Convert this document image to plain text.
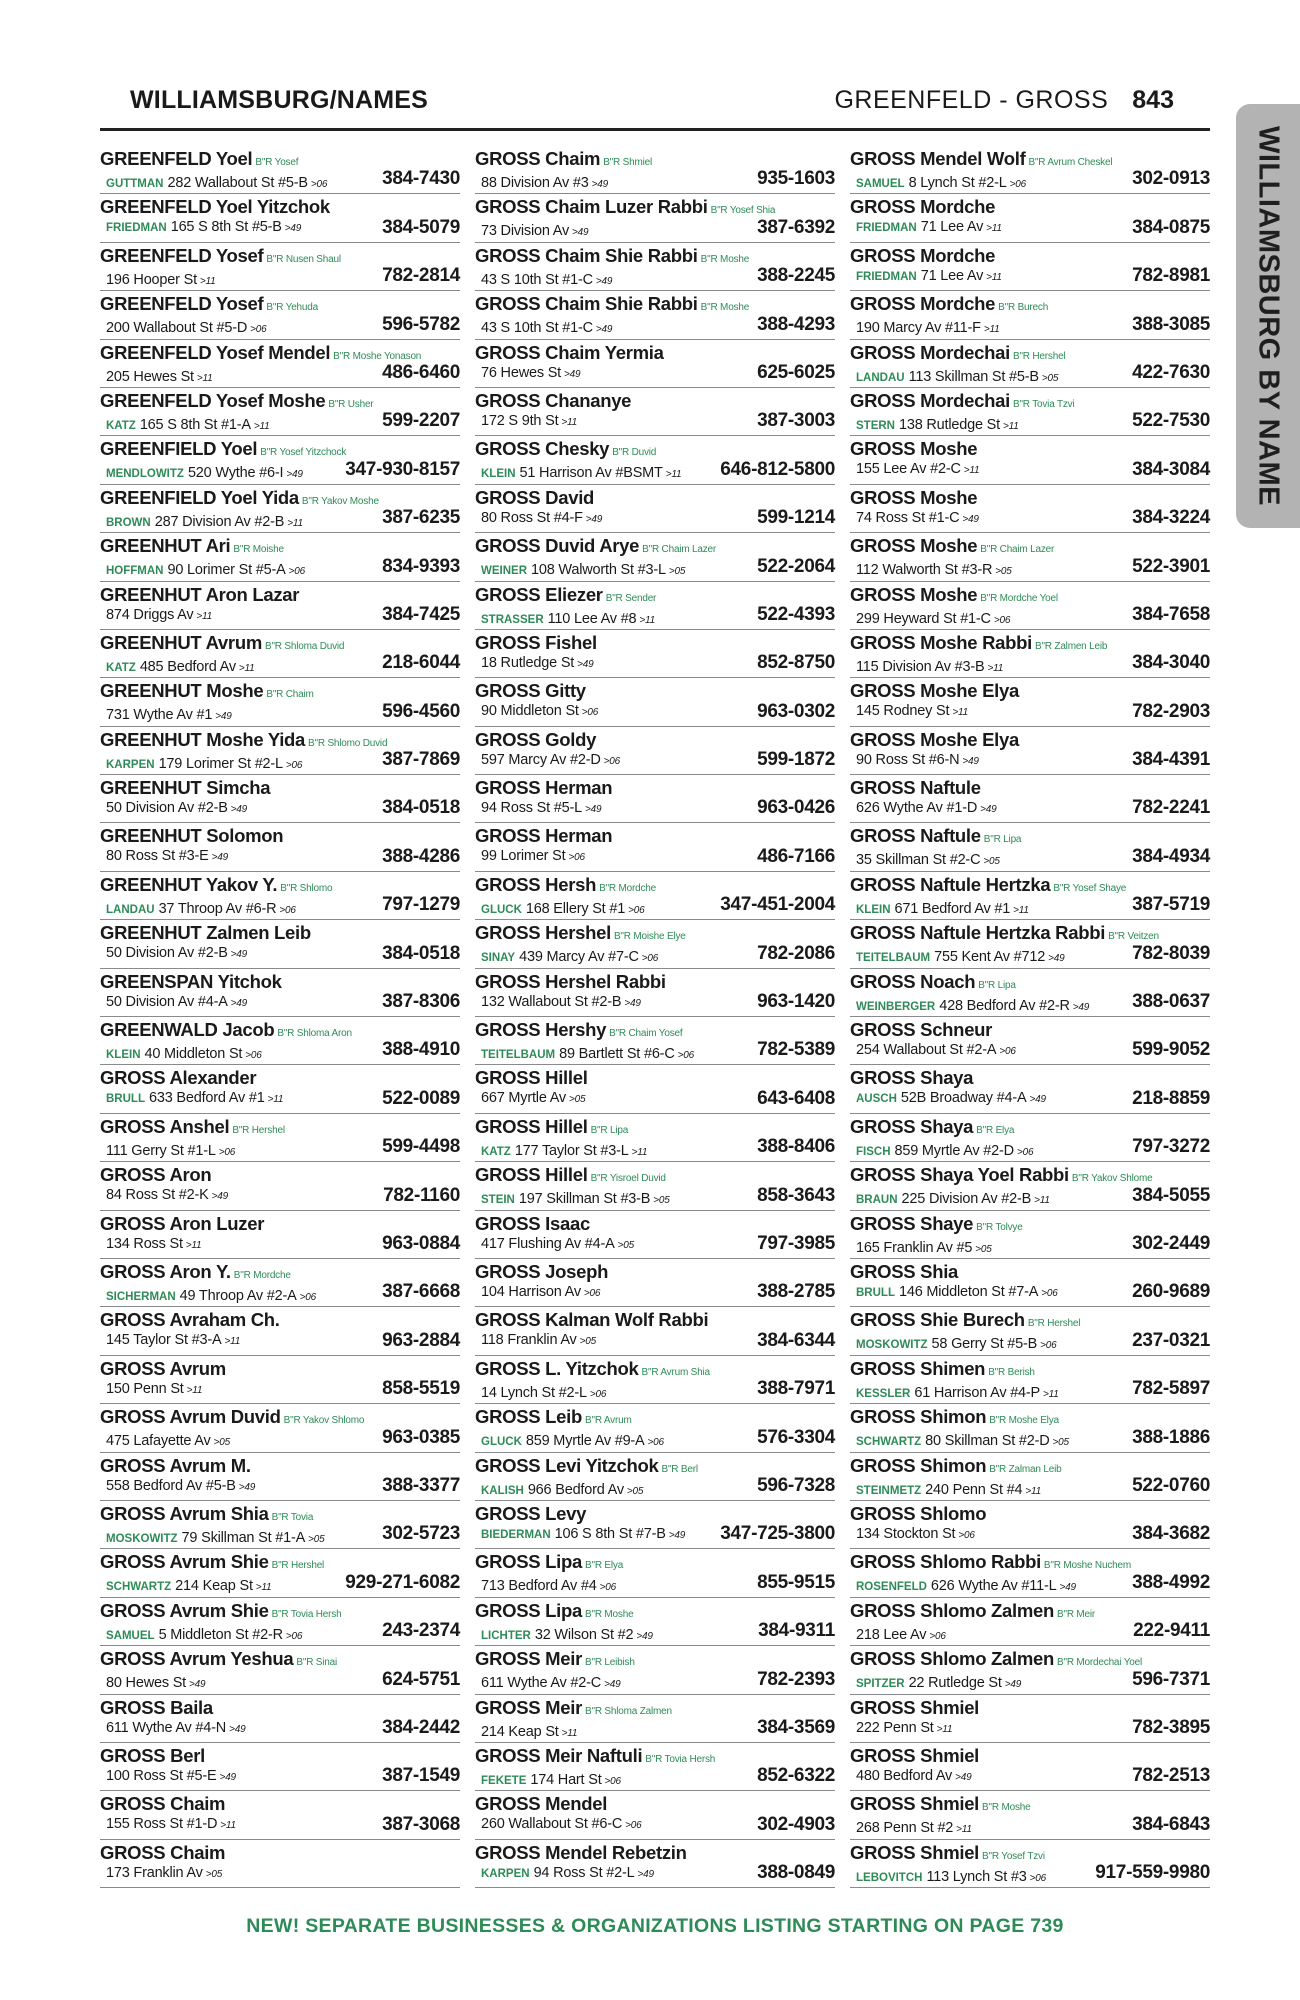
WILLIAMSBURG/NAMES	GREENFELD - GROSS 843
WILLIAMSBURG BY NAME
GREENFELD Yoel B"R Yosef
GUTTMAN 282 Wallabout St #5-B >06	384-7430
GREENFELD Yoel Yitzchok
FRIEDMAN 165 S 8th St #5-B >49	384-5079
GREENFELD Yosef B"R Nusen Shaul
196 Hooper St >11	782-2814
GREENFELD Yosef B"R Yehuda
200 Wallabout St #5-D >06	596-5782
GREENFELD Yosef Mendel B"R Moshe Yonason
205 Hewes St >11	486-6460
GREENFELD Yosef Moshe B"R Usher
KATZ 165 S 8th St #1-A >11	599-2207
GREENFIELD Yoel B"R Yosef Yitzchock
MENDLOWITZ 520 Wythe #6-I >49	347-930-8157
GREENFIELD Yoel Yida B"R Yakov Moshe
BROWN 287 Division Av #2-B >11	387-6235
GREENHUT Ari B"R Moishe
HOFFMAN 90 Lorimer St #5-A >06	834-9393
GREENHUT Aron Lazar
874 Driggs Av >11	384-7425
GREENHUT Avrum B"R Shloma Duvid
KATZ 485 Bedford Av >11	218-6044
GREENHUT Moshe B"R Chaim
731 Wythe Av #1 >49	596-4560
GREENHUT Moshe Yida B"R Shlomo Duvid
KARPEN 179 Lorimer St #2-L >06	387-7869
GREENHUT Simcha
50 Division Av #2-B >49	384-0518
GREENHUT Solomon
80 Ross St #3-E >49	388-4286
GREENHUT Yakov Y. B"R Shlomo
LANDAU 37 Throop Av #6-R >06	797-1279
GREENHUT Zalmen Leib
50 Division Av #2-B >49	384-0518
GREENSPAN Yitchok
50 Division Av #4-A >49	387-8306
GREENWALD Jacob B"R Shloma Aron
KLEIN 40 Middleton St >06	388-4910
GROSS Alexander
BRULL 633 Bedford Av #1 >11	522-0089
GROSS Anshel B"R Hershel
111 Gerry St #1-L >06	599-4498
GROSS Aron
84 Ross St #2-K >49	782-1160
GROSS Aron Luzer
134 Ross St >11	963-0884
GROSS Aron Y. B"R Mordche
SICHERMAN 49 Throop Av #2-A >06	387-6668
GROSS Avraham Ch.
145 Taylor St #3-A >11	963-2884
GROSS Avrum
150 Penn St >11	858-5519
GROSS Avrum Duvid B"R Yakov Shlomo
475 Lafayette Av >05	963-0385
GROSS Avrum M.
558 Bedford Av #5-B >49	388-3377
GROSS Avrum Shia B"R Tovia
MOSKOWITZ 79 Skillman St #1-A >05	302-5723
GROSS Avrum Shie B"R Hershel
SCHWARTZ 214 Keap St >11	929-271-6082
GROSS Avrum Shie B"R Tovia Hersh
SAMUEL 5 Middleton St #2-R >06	243-2374
GROSS Avrum Yeshua B"R Sinai
80 Hewes St >49	624-5751
GROSS Baila
611 Wythe Av #4-N >49	384-2442
GROSS Berl
100 Ross St #5-E >49	387-1549
GROSS Chaim
155 Ross St #1-D >11	387-3068
GROSS Chaim
173 Franklin Av >05
GROSS Chaim B"R Shmiel
88 Division Av #3 >49	935-1603
GROSS Chaim Luzer Rabbi B"R Yosef Shia
73 Division Av >49	387-6392
GROSS Chaim Shie Rabbi B"R Moshe
43 S 10th St #1-C >49	388-2245
GROSS Chaim Shie Rabbi B"R Moshe
43 S 10th St #1-C >49	388-4293
GROSS Chaim Yermia
76 Hewes St >49	625-6025
GROSS Chananye
172 S 9th St >11	387-3003
GROSS Chesky B"R Duvid
KLEIN 51 Harrison Av #BSMT >11	646-812-5800
GROSS David
80 Ross St #4-F >49	599-1214
GROSS Duvid Arye B"R Chaim Lazer
WEINER 108 Walworth St #3-L >05	522-2064
GROSS Eliezer B"R Sender
STRASSER 110 Lee Av #8 >11	522-4393
GROSS Fishel
18 Rutledge St >49	852-8750
GROSS Gitty
90 Middleton St >06	963-0302
GROSS Goldy
597 Marcy Av #2-D >06	599-1872
GROSS Herman
94 Ross St #5-L >49	963-0426
GROSS Herman
99 Lorimer St >06	486-7166
GROSS Hersh B"R Mordche
GLUCK 168 Ellery St #1 >06	347-451-2004
GROSS Hershel B"R Moishe Elye
SINAY 439 Marcy Av #7-C >06	782-2086
GROSS Hershel Rabbi
132 Wallabout St #2-B >49	963-1420
GROSS Hershy B"R Chaim Yosef
TEITELBAUM 89 Bartlett St #6-C >06	782-5389
GROSS Hillel
667 Myrtle Av >05	643-6408
GROSS Hillel B"R Lipa
KATZ 177 Taylor St #3-L >11	388-8406
GROSS Hillel B"R Yisroel Duvid
STEIN 197 Skillman St #3-B >05	858-3643
GROSS Isaac
417 Flushing Av #4-A >05	797-3985
GROSS Joseph
104 Harrison Av >06	388-2785
GROSS Kalman Wolf Rabbi
118 Franklin Av >05	384-6344
GROSS L. Yitzchok B"R Avrum Shia
14 Lynch St #2-L >06	388-7971
GROSS Leib B"R Avrum
GLUCK 859 Myrtle Av #9-A >06	576-3304
GROSS Levi Yitzchok B"R Berl
KALISH 966 Bedford Av >05	596-7328
GROSS Levy
BIEDERMAN 106 S 8th St #7-B >49	347-725-3800
GROSS Lipa B"R Elya
713 Bedford Av #4 >06	855-9515
GROSS Lipa B"R Moshe
LICHTER 32 Wilson St #2 >49	384-9311
GROSS Meir B"R Leibish
611 Wythe Av #2-C >49	782-2393
GROSS Meir B"R Shloma Zalmen
214 Keap St >11	384-3569
GROSS Meir Naftuli B"R Tovia Hersh
FEKETE 174 Hart St >06	852-6322
GROSS Mendel
260 Wallabout St #6-C >06	302-4903
GROSS Mendel Rebetzin
KARPEN 94 Ross St #2-L >49	388-0849
GROSS Mendel Wolf B"R Avrum Cheskel
SAMUEL 8 Lynch St #2-L >06	302-0913
GROSS Mordche
FRIEDMAN 71 Lee Av >11	384-0875
GROSS Mordche
FRIEDMAN 71 Lee Av >11	782-8981
GROSS Mordche B"R Burech
190 Marcy Av #11-F >11	388-3085
GROSS Mordechai B"R Hershel
LANDAU 113 Skillman St #5-B >05	422-7630
GROSS Mordechai B"R Tovia Tzvi
STERN 138 Rutledge St >11	522-7530
GROSS Moshe
155 Lee Av #2-C >11	384-3084
GROSS Moshe
74 Ross St #1-C >49	384-3224
GROSS Moshe B"R Chaim Lazer
112 Walworth St #3-R >05	522-3901
GROSS Moshe B"R Mordche Yoel
299 Heyward St #1-C >06	384-7658
GROSS Moshe Rabbi B"R Zalmen Leib
115 Division Av #3-B >11	384-3040
GROSS Moshe Elya
145 Rodney St >11	782-2903
GROSS Moshe Elya
90 Ross St #6-N >49	384-4391
GROSS Naftule
626 Wythe Av #1-D >49	782-2241
GROSS Naftule B"R Lipa
35 Skillman St #2-C >05	384-4934
GROSS Naftule Hertzka B"R Yosef Shaye
KLEIN 671 Bedford Av #1 >11	387-5719
GROSS Naftule Hertzka Rabbi B"R Veitzen
TEITELBAUM 755 Kent Av #712 >49	782-8039
GROSS Noach B"R Lipa
WEINBERGER 428 Bedford Av #2-R >49	388-0637
GROSS Schneur
254 Wallabout St #2-A >06	599-9052
GROSS Shaya
AUSCH 52B Broadway #4-A >49	218-8859
GROSS Shaya B"R Elya
FISCH 859 Myrtle Av #2-D >06	797-3272
GROSS Shaya Yoel Rabbi B"R Yakov Shlome
BRAUN 225 Division Av #2-B >11	384-5055
GROSS Shaye B"R Tolvye
165 Franklin Av #5 >05	302-2449
GROSS Shia
BRULL 146 Middleton St #7-A >06	260-9689
GROSS Shie Burech B"R Hershel
MOSKOWITZ 58 Gerry St #5-B >06	237-0321
GROSS Shimen B"R Berish
KESSLER 61 Harrison Av #4-P >11	782-5897
GROSS Shimon B"R Moshe Elya
SCHWARTZ 80 Skillman St #2-D >05	388-1886
GROSS Shimon B"R Zalman Leib
STEINMETZ 240 Penn St #4 >11	522-0760
GROSS Shlomo
134 Stockton St >06	384-3682
GROSS Shlomo Rabbi B"R Moshe Nuchem
ROSENFELD 626 Wythe Av #11-L >49	388-4992
GROSS Shlomo Zalmen B"R Meir
218 Lee Av >06	222-9411
GROSS Shlomo Zalmen B"R Mordechai Yoel
SPITZER 22 Rutledge St >49	596-7371
GROSS Shmiel
222 Penn St >11	782-3895
GROSS Shmiel
480 Bedford Av >49	782-2513
GROSS Shmiel B"R Moshe
268 Penn St #2 >11	384-6843
GROSS Shmiel B"R Yosef Tzvi
LEBOVITCH 113 Lynch St #3 >06	917-559-9980
NEW! SEPARATE BUSINESSES & ORGANIZATIONS LISTING STARTING ON PAGE 739
